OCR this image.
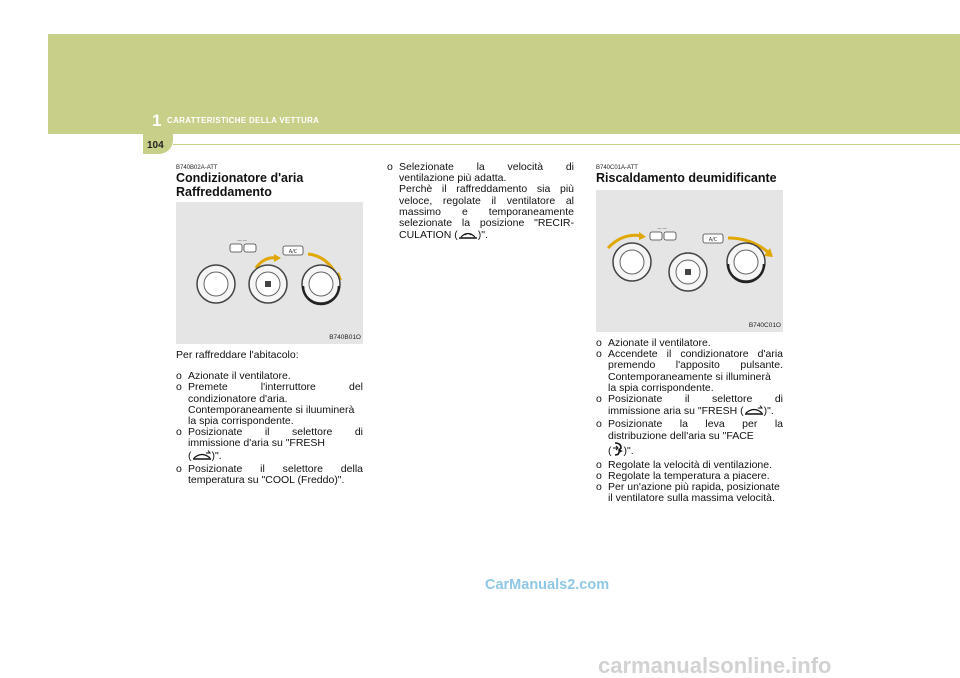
1 CARATTERISTICHE DELLA VETTURA
104
B740B02A-ATT
Condizionatore d'aria
Raffreddamento
― ―
A/C
B740B01O

Per raffreddare l'abitacolo:

o Azionate il ventilatore.

o Premete l'interruttore del

condizionatore d'aria.

Contemporaneamente si iluuminerà

la spia corrispondente.

o Posizionate il selettore di

immissione d'aria su "FRESH

( )".

o Posizionate il selettore della

temperatura su "COOL (Freddo)".

o Selezionate la velocità di

ventilazione più adatta.

Perchè il raffreddamento sia più

veloce, regolate il ventilatore al

massimo e temporaneamente

selezionate la posizione "RECIR-

CULATION ( )".

B740C01A-ATT
Riscaldamento deumidificante
― ―
A/C
B740C01O

o Azionate il ventilatore.

o Accendete il condizionatore d'aria

premendo l'apposito pulsante.

Contemporaneamente si illuminerà

la spia corrispondente.

o Posizionate il selettore di

immissione aria su "FRESH ( )".

o Posizionate la leva per la

distribuzione dell'aria su "FACE

( )".

o Regolate la velocità di ventilazione.

o Regolate la temperatura a piacere.

o Per un'azione più rapida, posizionate

il ventilatore sulla massima velocità.

CarManuals2.com
carmanualsonline.info
